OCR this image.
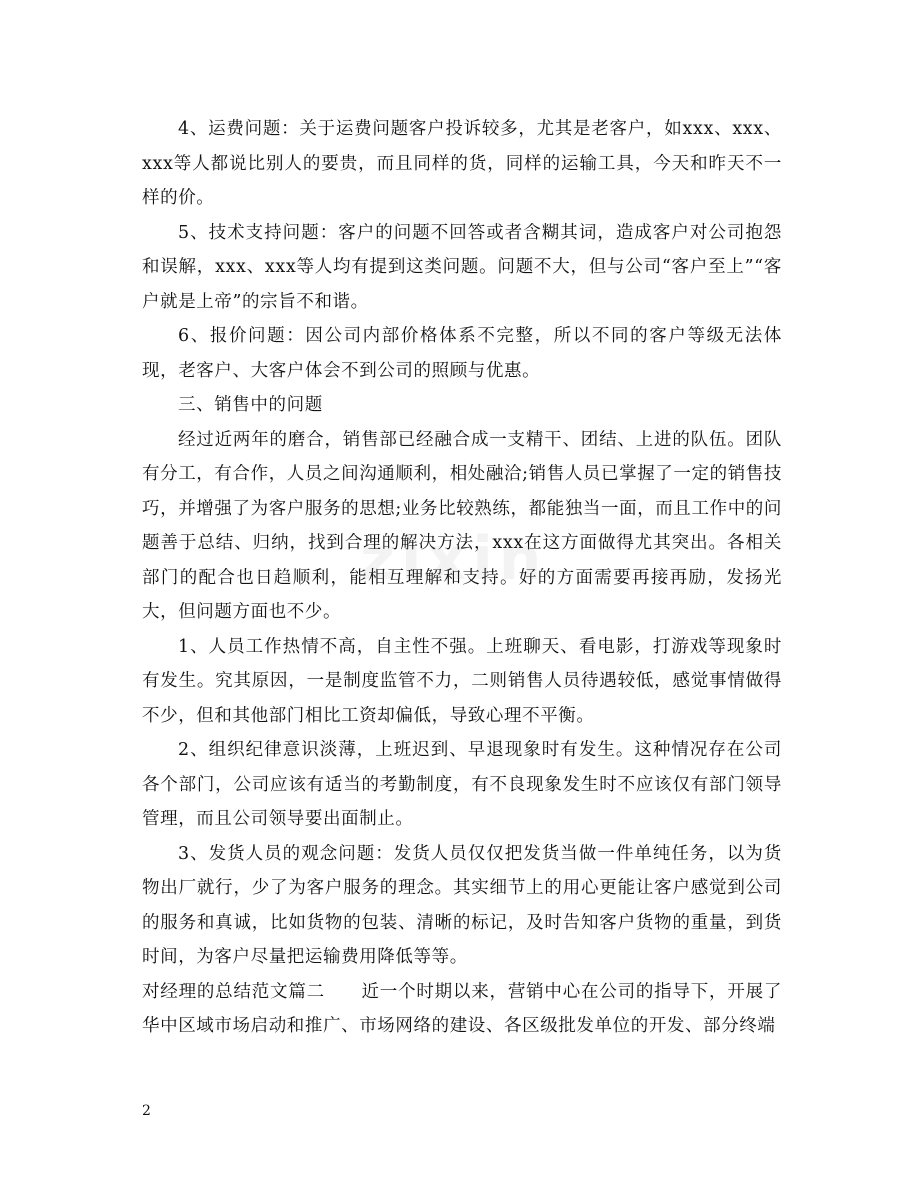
4、运费问题：关于运费问题客户投诉较多，尤其是老客户，如xxx、xxx、xxx等人都说比别人的要贵，而且同样的货，同样的运输工具，今天和昨天不一样的价。

5、技术支持问题：客户的问题不回答或者含糊其词，造成客户对公司抱怨和误解，xxx、xxx等人均有提到这类问题。问题不大，但与公司“客户至上”“客户就是上帝”的宗旨不和谐。

6、报价问题：因公司内部价格体系不完整，所以不同的客户等级无法体现，老客户、大客户体会不到公司的照顾与优惠。

三、销售中的问题

经过近两年的磨合，销售部已经融合成一支精干、团结、上进的队伍。团队有分工，有合作，人员之间沟通顺利，相处融洽;销售人员已掌握了一定的销售技巧，并增强了为客户服务的思想;业务比较熟练，都能独当一面，而且工作中的问题善于总结、归纳，找到合理的解决方法，xxx在这方面做得尤其突出。各相关部门的配合也日趋顺利，能相互理解和支持。好的方面需要再接再励，发扬光大，但问题方面也不少。

1、人员工作热情不高，自主性不强。上班聊天、看电影，打游戏等现象时有发生。究其原因，一是制度监管不力，二则销售人员待遇较低，感觉事情做得不少，但和其他部门相比工资却偏低，导致心理不平衡。

2、组织纪律意识淡薄，上班迟到、早退现象时有发生。这种情况存在公司各个部门，公司应该有适当的考勤制度，有不良现象发生时不应该仅有部门领导管理，而且公司领导要出面制止。

3、发货人员的观念问题：发货人员仅仅把发货当做一件单纯任务，以为货物出厂就行，少了为客户服务的理念。其实细节上的用心更能让客户感觉到公司的服务和真诚，比如货物的包装、清晰的标记，及时告知客户货物的重量，到货时间，为客户尽量把运输费用降低等等。

对经理的总结范文篇二　　近一个时期以来，营销中心在公司的指导下，开展了华中区域市场启动和推广、市场网络的建设、各区级批发单位的开发、部分终端

zixin
2
